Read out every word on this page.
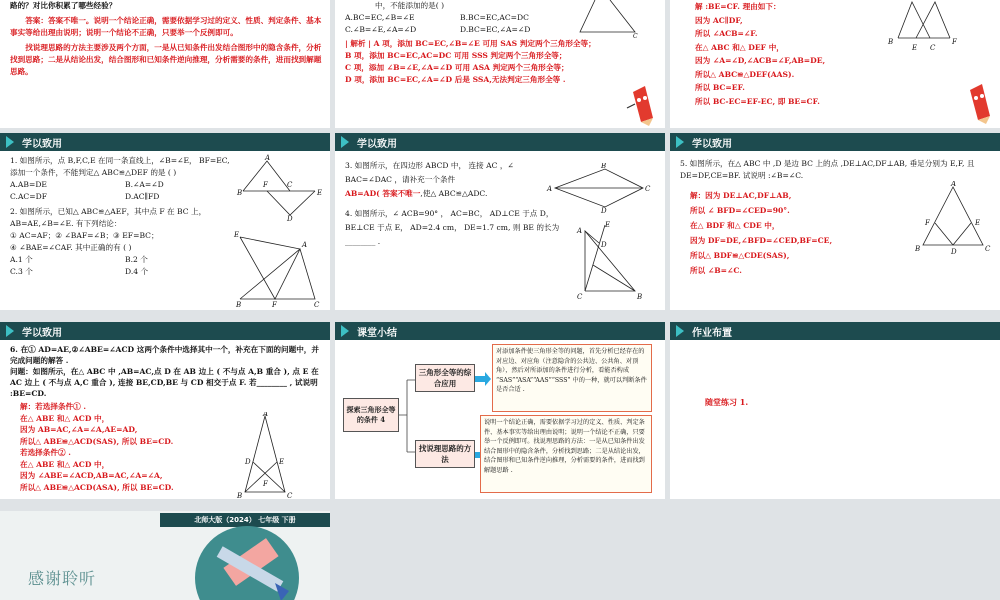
路的？对比你积累了哪些经验？
答案：答案不唯一。说明一个结论正确，需要依据学习过的定义、性质、判定条件、基本事实等给出理由说明；说明一个结论不正确，只要举一个反例即可。
找说理思路的方法主要涉及两个方面，一是从已知条件出发结合图形中的隐含条件，分析找到思路；二是从结论出发，结合图形和已知条件逆向推理，分析需要的条件，进而找到解题思路。
中，不能添加的是( )
A.BC=EC,∠B=∠E	B.BC=EC,AC=DC
C.∠B=∠E,∠A=∠D	D.BC=EC,∠A=∠D
| 解析 | A 项，添加 BC=EC,∠B=∠E 可用 SAS 判定两个三角形全等；
B 项，添加 BC=EC,AC=DC 可用 SSS 判定两个三角形全等；
C 项，添加 ∠B=∠E,∠A=∠D 可用 ASA 判定两个三角形全等；
D 项，添加 BC=EC,∠A=∠D 后是 SSA,无法判定三角形全等 .
C
解 :BE=CF. 理由如下：
因为 AC∥DF,
所以 ∠ACB=∠F.
在△ ABC 和△ DEF 中，
因为 ∠A=∠D,∠ACB=∠F,AB=DE,
所以△ ABC≌△DEF(AAS).
所以 BC=EF.
所以 BC-EC=EF-EC, 即 BE=CF.
B
E C
F
学以致用
1. 如图所示，点 B,F,C,E 在同一条直线上，∠B=∠E， BF=EC,添加一个条件，不能判定△ ABC≌△DEF 的是 ( )
A.AB=DE	B.∠A=∠D
C.AC=DF	D.AC∥FD
2. 如图所示，已知△ ABC≌△AEF，其中点 F 在 BC 上，AB=AE,∠B=∠E. 有下列结论：
① AC=AF；② ∠BAF=∠B；③ EF=BC；
④ ∠BAE=∠CAF. 其中正确的有 ( )
A.1 个	B.2 个
C.3 个	D.4 个
A
F	C
B	E
D
E
A
B	F	C
学以致用
3. 如图所示，在四边形 ABCD 中， 连接 AC ，∠ BAC=∠DAC ，请补充一个条件
AB=AD( 答案不唯一,使△ ABC≌△ADC.
4. 如图所示，∠ ACB=90° ， AC=BC， AD⊥CE 于点 D， BE⊥CE 于点 E， AD=2.4 cm， DE=1.7 cm, 则 BE 的长为________ .
B
A	C
D
E
D
C
A
B
学以致用
5. 如图所示，在△ ABC 中 ,D 是边 BC 上的点 ,DE⊥AC,DF⊥AB, 垂足分别为 E,F, 且 DE=DF,CE=BF. 试说明 :∠B=∠C.
解：因为 DE⊥AC,DF⊥AB,
所以 ∠ BFD=∠CED=90°.
在△ BDF 和△ CDE 中，
因为 DF=DE,∠BFD=∠CED,BF=CE,
所以△ BDF≌△CDE(SAS),
所以 ∠B=∠C.
A
F	E
B	D	C
学以致用
6. 在① AD=AE,②∠ABE=∠ACD 这两个条件中选择其中一个，补充在下面的问题中，并完成问题的解答 .
问题：如图所示，在△ ABC 中 ,AB=AC,点 D 在 AB 边上 ( 不与点 A,B 重合 ), 点 E 在 AC 边上 ( 不与点 A,C 重合 ), 连接 BE,CD,BE 与 CD 相交于点 F. 若________ , 试说明 :BE=CD.
解：若选择条件① .
在△ ABE 和△ ACD 中，
因为 AB=AC,∠A=∠A,AE=AD,
所以△ ABE≌△ACD(SAS), 所以 BE=CD.
若选择条件② .
在△ ABE 和△ ACD 中，
因为 ∠ABE=∠ACD,AB=AC,∠A=∠A,
所以△ ABE≌△ACD(ASA), 所以 BE=CD.
A
D	E
F
B	C
课堂小结
探索三角形全等的条件 4
三角形全等的综合应用
找说理思路的方法
对添加条件使三角形全等的问题，首先分析已经存在的对应边、对应角（注意隐含的公共边、公共角、对顶角），然后对所添加的条件进行分析，看能否构成 “SAS”“ASA”“AAS”“SSS” 中的一种，就可以判断条件是否合适 .
说明一个结论正确，需要依据学习过的定义、性质、判定条件、基本事实等给出理由说明；说明一个结论不正确，只要举一个反例即可。找说理思路的方法：一是从已知条件出发结合图形中的隐含条件，分析找到思路；二是从结论出发，结合图形和已知条件逆向推理，分析需要的条件，进而找到解题思路 .
作业布置
随堂练习 1.
北师大版（2024） 七年级 下册
感谢聆听
